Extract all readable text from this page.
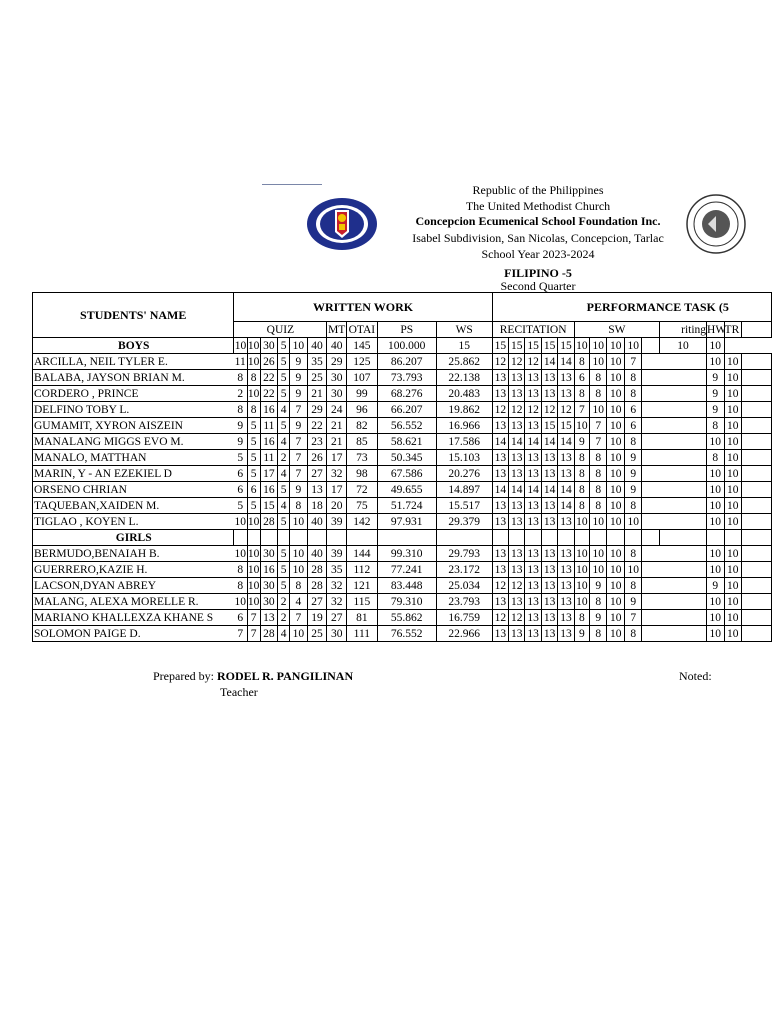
Republic of the Philippines
The United Methodist Church
Concepcion Ecumenical School Foundation Inc.
Isabel Subdivision, San Nicolas, Concepcion, Tarlac
School Year 2023-2024
FILIPINO -5
Second Quarter
STUDENTS' NAME	WRITTEN WORK										PERFORMANCE TASK (5													
	QUIZ						MT	OTAI	PS	WS	RECITATION					SW					riting	HW	TR	
BOYS	10	10	30	5	10	40	40	145	100.000	15	15	15	15	15	15	10	10	10	10		10	10		
ARCILLA, NEIL TYLER E.	11	10	26	5	9	35	29	125	86.207	25.862	12	12	12	14	14	8	10	10	7			10	10	
BALABA, JAYSON BRIAN M.	8	8	22	5	9	25	30	107	73.793	22.138	13	13	13	13	13	6	8	10	8			9	10	
CORDERO , PRINCE	2	10	22	5	9	21	30	99	68.276	20.483	13	13	13	13	13	8	8	10	8			9	10	
DELFINO TOBY L.	8	8	16	4	7	29	24	96	66.207	19.862	12	12	12	12	12	7	10	10	6			9	10	
GUMAMIT, XYRON AISZEIN	9	5	11	5	9	22	21	82	56.552	16.966	13	13	13	15	15	10	7	10	6			8	10	
MANALANG MIGGS EVO M.	9	5	16	4	7	23	21	85	58.621	17.586	14	14	14	14	14	9	7	10	8			10	10	
MANALO, MATTHAN	5	5	11	2	7	26	17	73	50.345	15.103	13	13	13	13	13	8	8	10	9			8	10	
MARIN, Y - AN EZEKIEL D	6	5	17	4	7	27	32	98	67.586	20.276	13	13	13	13	13	8	8	10	9			10	10	
ORSENO CHRIAN	6	6	16	5	9	13	17	72	49.655	14.897	14	14	14	14	14	8	8	10	9			10	10	
TAQUEBAN,XAIDEN M.	5	5	15	4	8	18	20	75	51.724	15.517	13	13	13	13	14	8	8	10	8			10	10	
TIGLAO , KOYEN L.	10	10	28	5	10	40	39	142	97.931	29.379	13	13	13	13	13	10	10	10	10			10	10	
GIRLS																								
BERMUDO,BENAIAH B.	10	10	30	5	10	40	39	144	99.310	29.793	13	13	13	13	13	10	10	10	8			10	10	
GUERRERO,KAZIE H.	8	10	16	5	10	28	35	112	77.241	23.172	13	13	13	13	13	10	10	10	10			10	10	
LACSON,DYAN ABREY	8	10	30	5	8	28	32	121	83.448	25.034	12	12	13	13	13	10	9	10	8			9	10	
MALANG, ALEXA MORELLE R.	10	10	30	2	4	27	32	115	79.310	23.793	13	13	13	13	13	10	8	10	9			10	10	
MARIANO KHALLEXZA KHANE S	6	7	13	2	7	19	27	81	55.862	16.759	12	12	13	13	13	8	9	10	7			10	10	
SOLOMON PAIGE D.	7	7	28	4	10	25	30	111	76.552	22.966	13	13	13	13	13	9	8	10	8			10	10	
Prepared by: RODEL R. PANGILINAN
Teacher
Noted:
